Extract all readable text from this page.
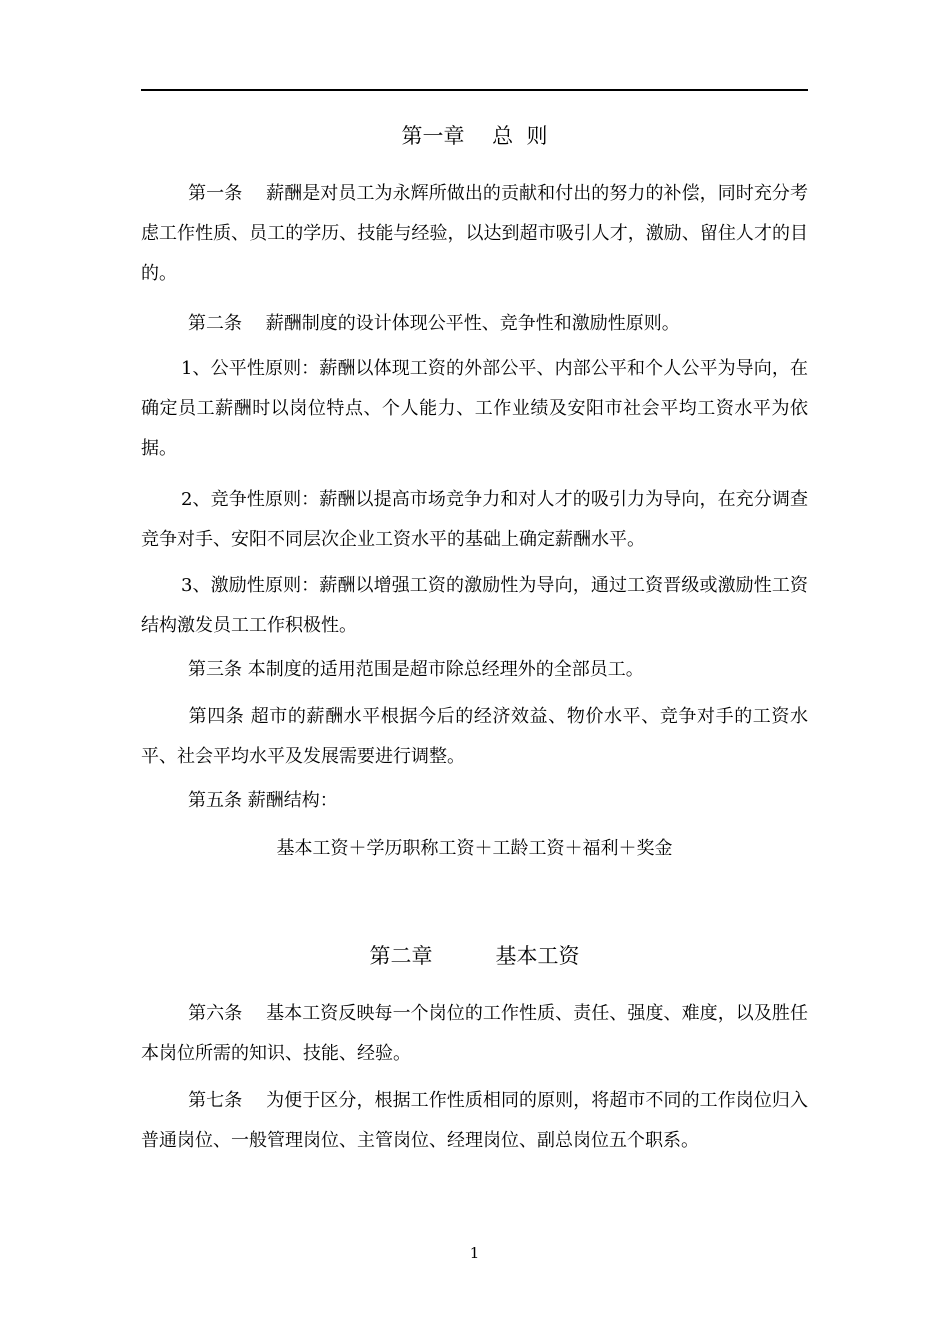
第一章　 总  则
第一条　 薪酬是对员工为永辉所做出的贡献和付出的努力的补偿，同时充分考虑工作性质、员工的学历、技能与经验，以达到超市吸引人才，激励、留住人才的目的。
第二条　 薪酬制度的设计体现公平性、竞争性和激励性原则。
1、公平性原则：薪酬以体现工资的外部公平、内部公平和个人公平为导向，在确定员工薪酬时以岗位特点、个人能力、工作业绩及安阳市社会平均工资水平为依据。
2、竞争性原则：薪酬以提高市场竞争力和对人才的吸引力为导向，在充分调查竞争对手、安阳不同层次企业工资水平的基础上确定薪酬水平。
3、激励性原则：薪酬以增强工资的激励性为导向，通过工资晋级或激励性工资结构激发员工工作积极性。
第三条 本制度的适用范围是超市除总经理外的全部员工。
第四条 超市的薪酬水平根据今后的经济效益、物价水平、竞争对手的工资水平、社会平均水平及发展需要进行调整。
第五条 薪酬结构：
基本工资＋学历职称工资＋工龄工资＋福利＋奖金
第二章　　　基本工资
第六条　 基本工资反映每一个岗位的工作性质、责任、强度、难度，以及胜任本岗位所需的知识、技能、经验。
第七条　 为便于区分，根据工作性质相同的原则，将超市不同的工作岗位归入普通岗位、一般管理岗位、主管岗位、经理岗位、副总岗位五个职系。
1
